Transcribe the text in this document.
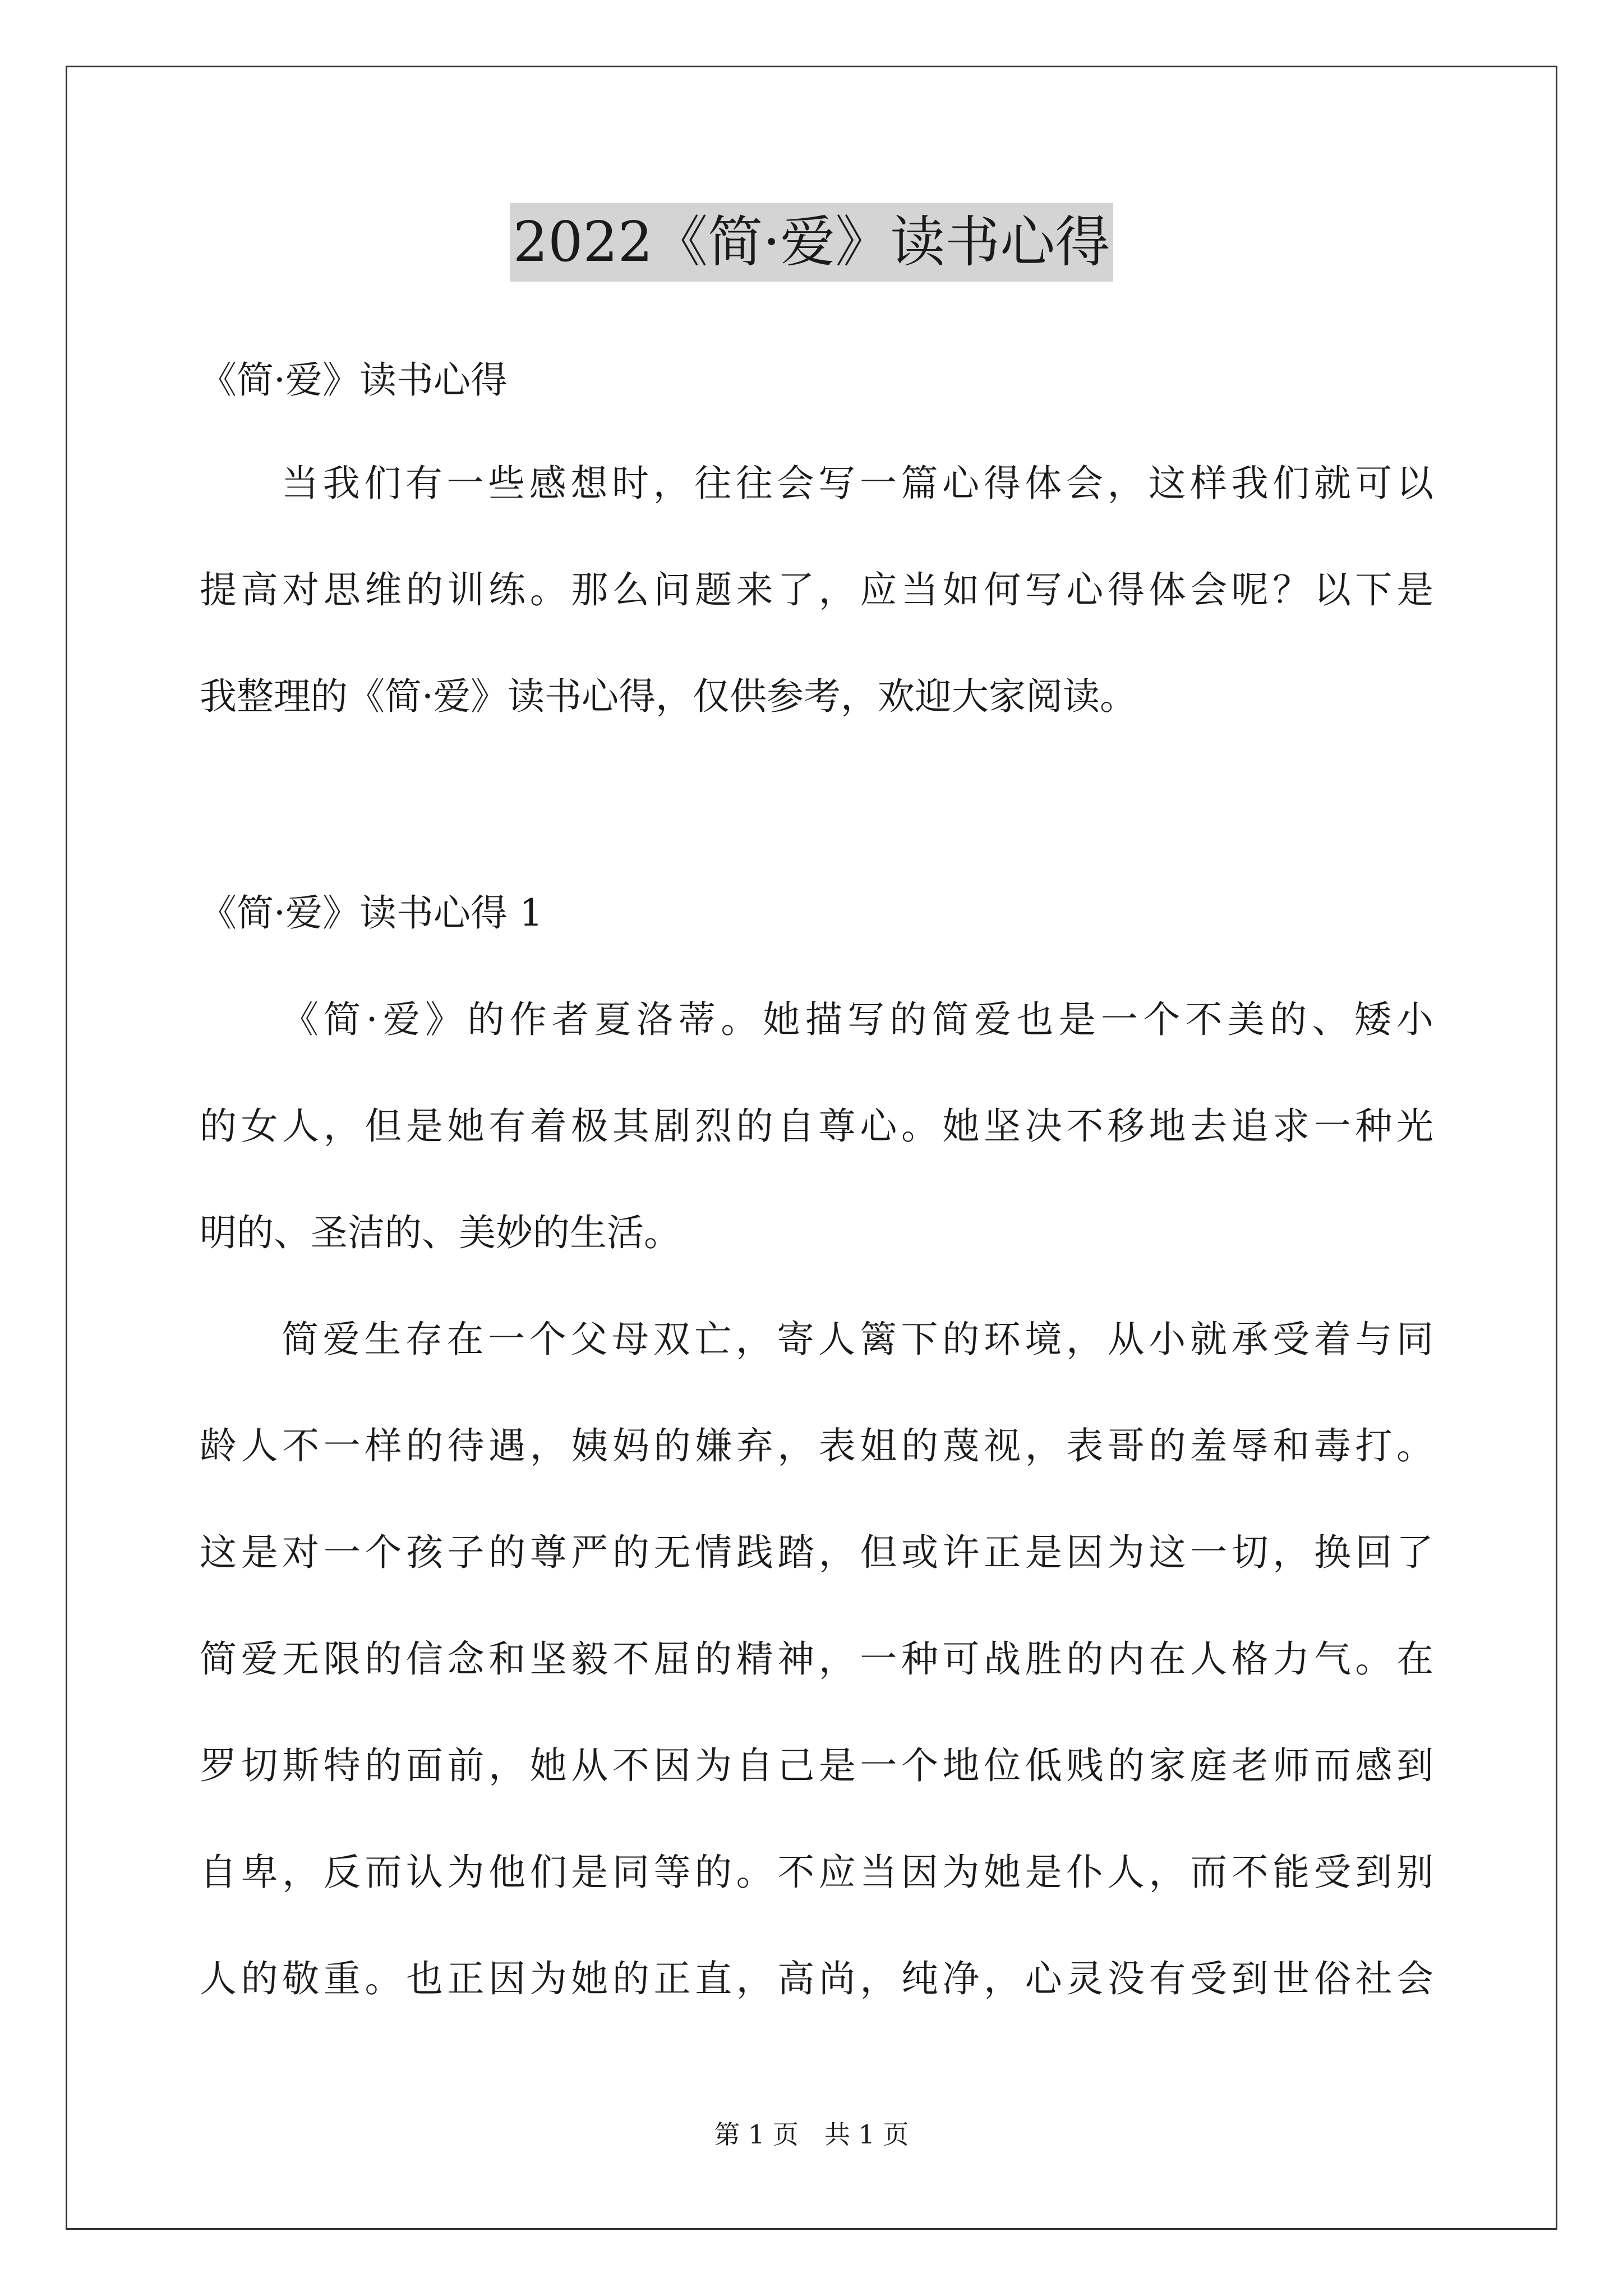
2022《简·爱》读书心得
《简·爱》读书心得
当我们有一些感想时，往往会写一篇心得体会，这样我们就可以
提高对思维的训练。那么问题来了，应当如何写心得体会呢？以下是
我整理的《简·爱》读书心得，仅供参考，欢迎大家阅读。
《简·爱》读书心得 1
《简·爱》的作者夏洛蒂。她描写的简爱也是一个不美的、矮小
的女人，但是她有着极其剧烈的自尊心。她坚决不移地去追求一种光
明的、圣洁的、美妙的生活。
简爱生存在一个父母双亡，寄人篱下的环境，从小就承受着与同
龄人不一样的待遇，姨妈的嫌弃，表姐的蔑视，表哥的羞辱和毒打。
这是对一个孩子的尊严的无情践踏，但或许正是因为这一切，换回了
简爱无限的信念和坚毅不屈的精神，一种可战胜的内在人格力气。在
罗切斯特的面前，她从不因为自己是一个地位低贱的家庭老师而感到
自卑，反而认为他们是同等的。不应当因为她是仆人，而不能受到别
人的敬重。也正因为她的正直，高尚，纯净，心灵没有受到世俗社会
第 1 页　共 1 页
